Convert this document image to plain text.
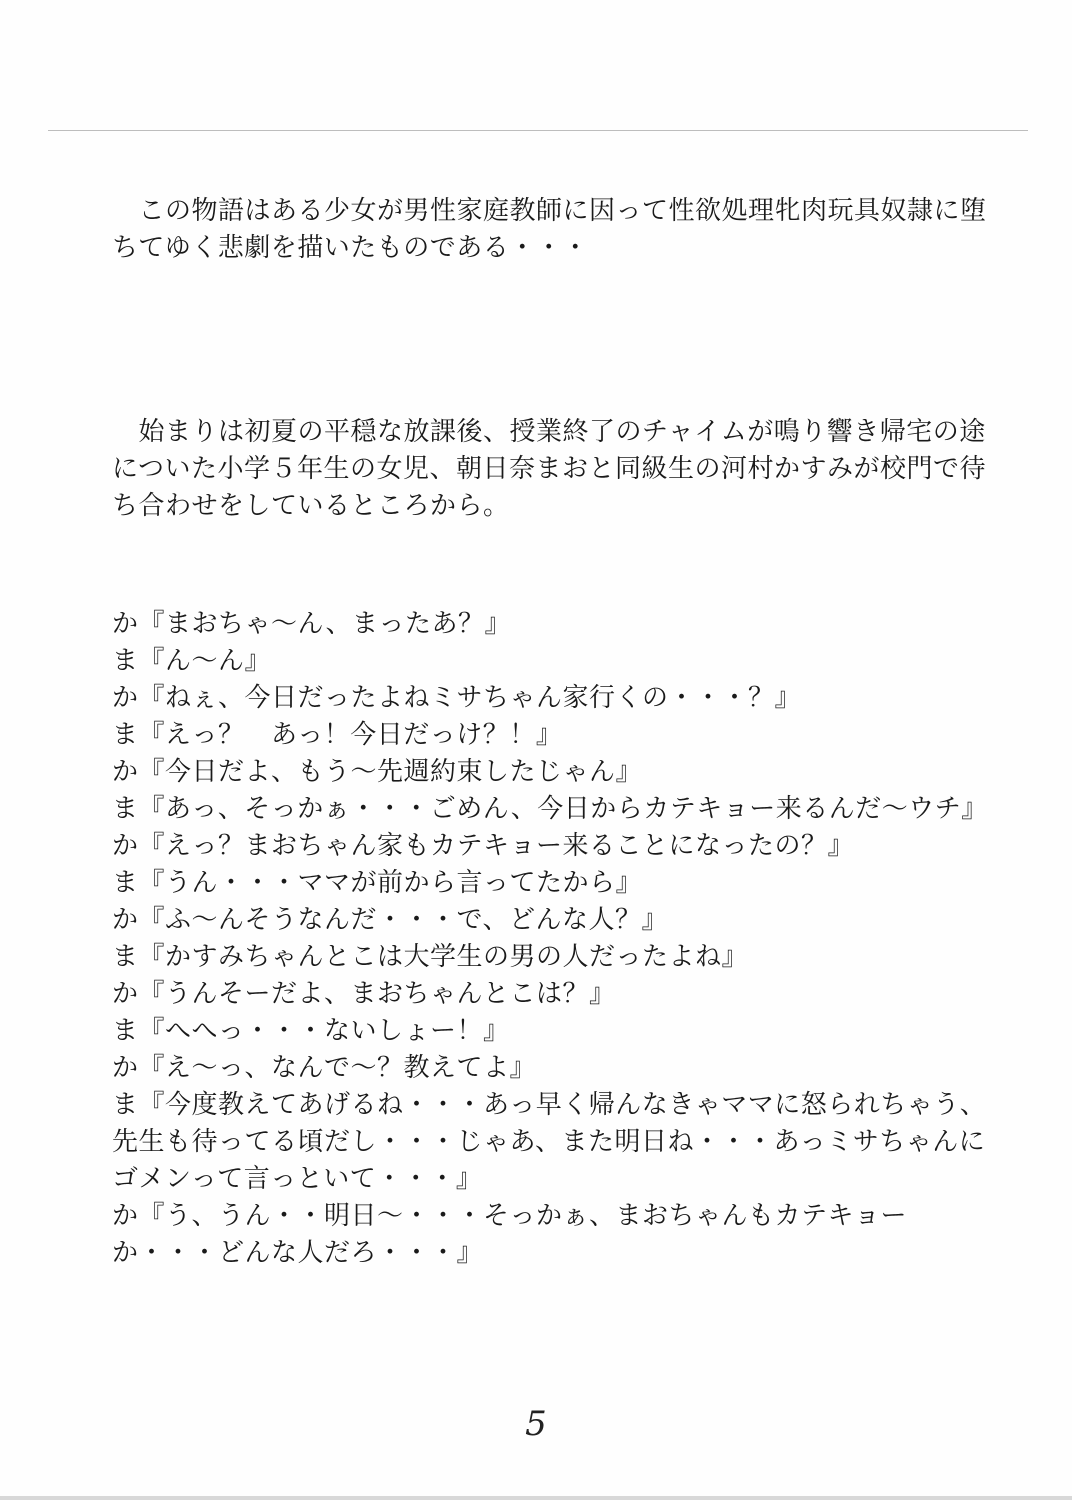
　この物語はある少女が男性家庭教師に因って性欲処理牝肉玩具奴隷に堕ちてゆく悲劇を描いたものである・・・

　始まりは初夏の平穏な放課後、授業終了のチャイムが鳴り響き帰宅の途についた小学５年生の女児、朝日奈まおと同級生の河村かすみが校門で待ち合わせをしているところから。

か『まおちゃ〜ん、まったあ？』
ま『ん〜ん』
か『ねぇ、今日だったよねミサちゃん家行くの・・・？』
ま『えっ？　あっ！今日だっけ？！』
か『今日だよ、もう〜先週約束したじゃん』
ま『あっ、そっかぁ・・・ごめん、今日からカテキョー来るんだ〜ウチ』
か『えっ？まおちゃん家もカテキョー来ることになったの？』
ま『うん・・・ママが前から言ってたから』
か『ふ〜んそうなんだ・・・で、どんな人？』
ま『かすみちゃんとこは大学生の男の人だったよね』
か『うんそーだよ、まおちゃんとこは？』
ま『へへっ・・・ないしょー！』
か『え〜っ、なんで〜？教えてよ』
ま『今度教えてあげるね・・・あっ早く帰んなきゃママに怒られちゃう、先生も待ってる頃だし・・・じゃあ、また明日ね・・・あっミサちゃんにゴメンって言っといて・・・』
か『う、うん・・明日〜・・・そっかぁ、まおちゃんもカテキョーか・・・どんな人だろ・・・』
5
